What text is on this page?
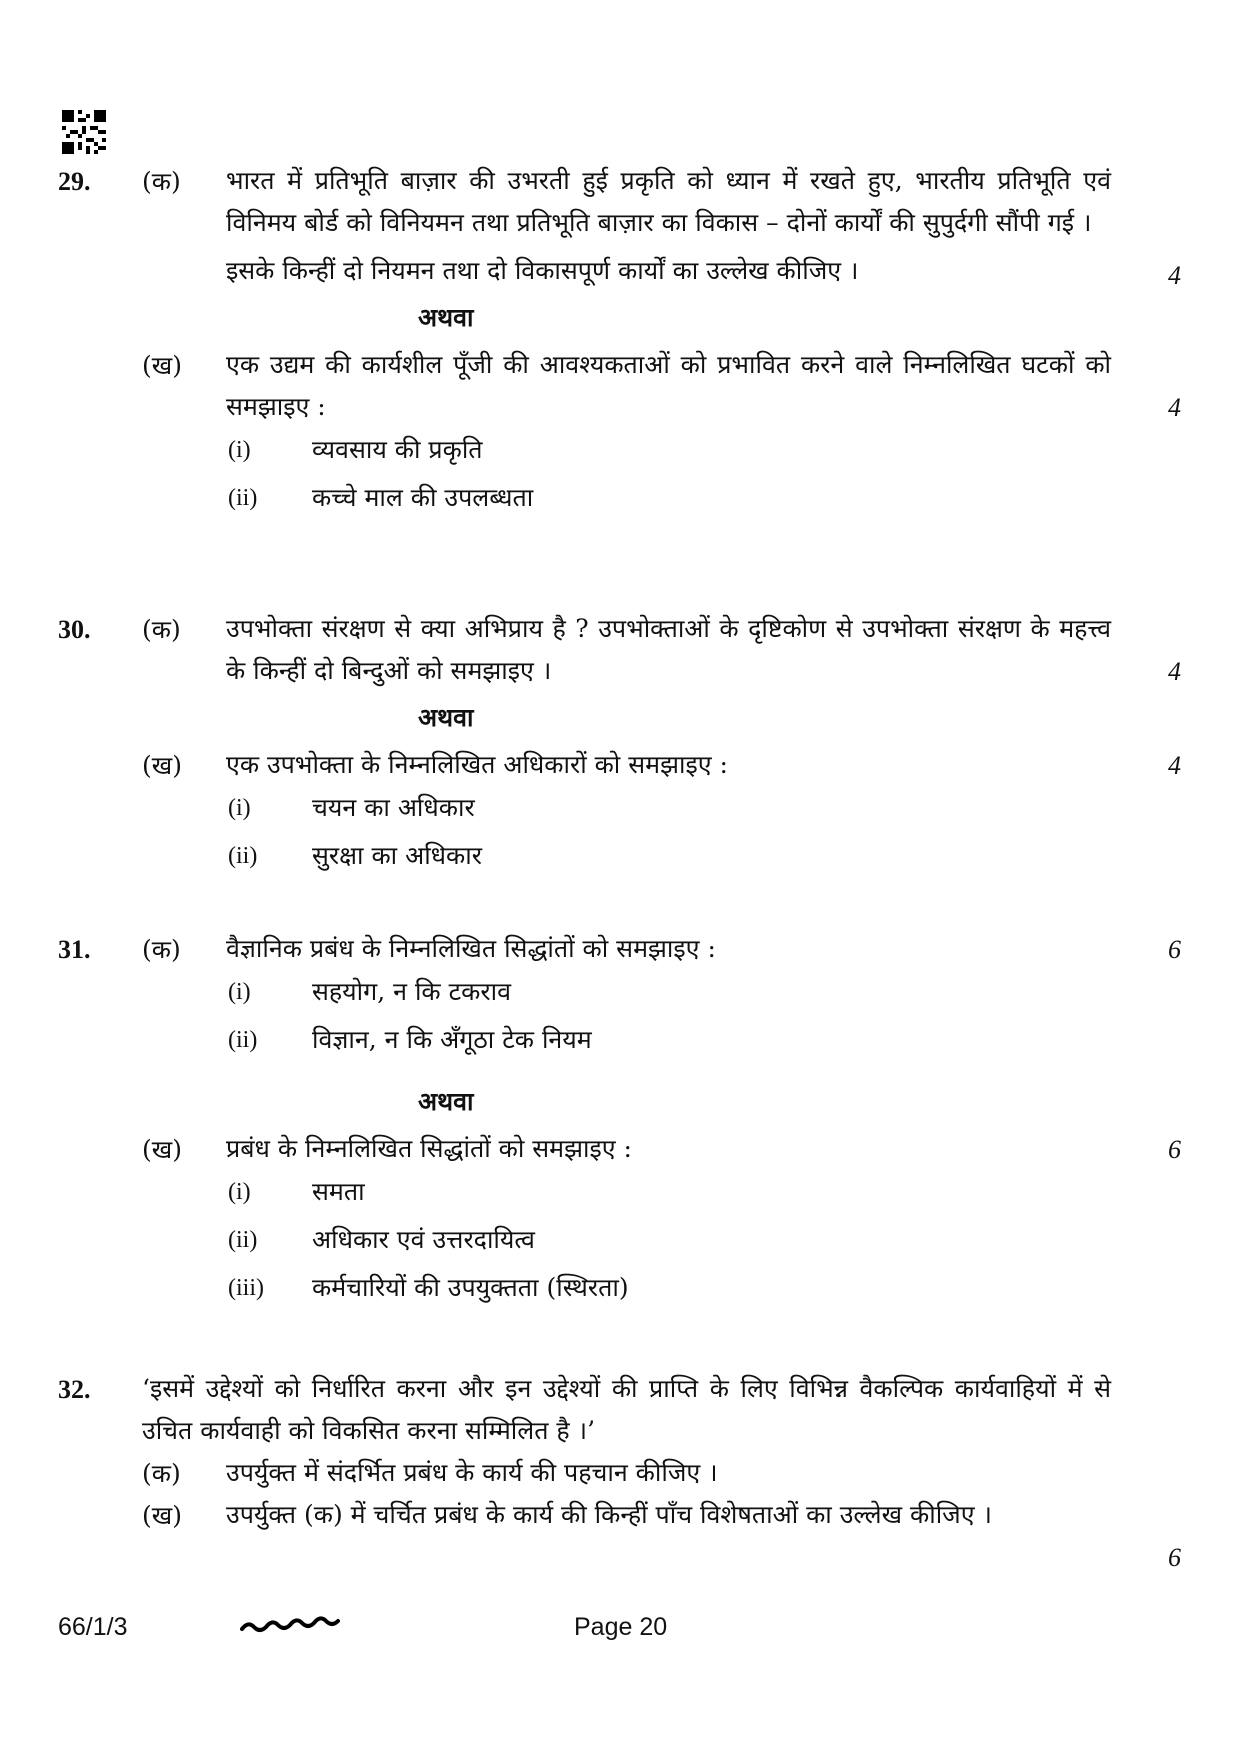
29. (क) भारत में प्रतिभूति बाज़ार की उभरती हुई प्रकृति को ध्यान में रखते हुए, भारतीय प्रतिभूति एवं विनिमय बोर्ड को विनियमन तथा प्रतिभूति बाज़ार का विकास – दोनों कार्यों की सुपुर्दगी सौंपी गई ।
इसके किन्हीं दो नियमन तथा दो विकासपूर्ण कार्यों का उल्लेख कीजिए ।	4
अथवा
(ख) एक उद्यम की कार्यशील पूँजी की आवश्यकताओं को प्रभावित करने वाले निम्नलिखित घटकों को समझाइए :	4
(i) व्यवसाय की प्रकृति
(ii) कच्चे माल की उपलब्धता
30. (क) उपभोक्ता संरक्षण से क्या अभिप्राय है ? उपभोक्ताओं के दृष्टिकोण से उपभोक्ता संरक्षण के महत्त्व के किन्हीं दो बिन्दुओं को समझाइए ।	4
अथवा
(ख) एक उपभोक्ता के निम्नलिखित अधिकारों को समझाइए :	4
(i) चयन का अधिकार
(ii) सुरक्षा का अधिकार
31. (क) वैज्ञानिक प्रबंध के निम्नलिखित सिद्धांतों को समझाइए :	6
(i) सहयोग, न कि टकराव
(ii) विज्ञान, न कि अँगूठा टेक नियम
अथवा
(ख) प्रबंध के निम्नलिखित सिद्धांतों को समझाइए :	6
(i) समता
(ii) अधिकार एवं उत्तरदायित्व
(iii) कर्मचारियों की उपयुक्तता (स्थिरता)
32. ‘इसमें उद्देश्यों को निर्धारित करना और इन उद्देश्यों की प्राप्ति के लिए विभिन्न वैकल्पिक कार्यवाहियों में से उचित कार्यवाही को विकसित करना सम्मिलित है ।’
(क) उपर्युक्त में संदर्भित प्रबंध के कार्य की पहचान कीजिए ।
(ख) उपर्युक्त (क) में चर्चित प्रबंध के कार्य की किन्हीं पाँच विशेषताओं का उल्लेख कीजिए ।
6
66/1/3	Page 20
